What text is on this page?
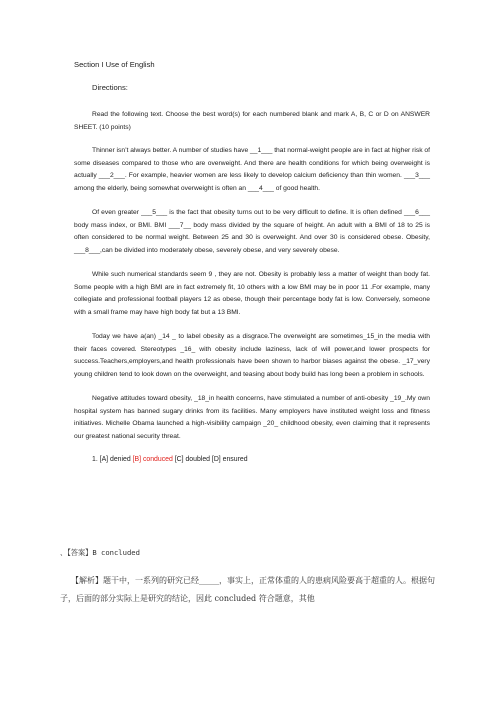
Section I Use of English
Directions:

Read the following text. Choose the best word(s) for each numbered blank and mark A, B, C or D on ANSWER SHEET. (10 points)

Thinner isn’t always better. A number of studies have __1___ that normal-weight people are in fact at higher risk of some diseases compared to those who are overweight. And there are health conditions for which being overweight is actually ___2___. For example, heavier women are less likely to develop calcium deficiency than thin women. ___3___ among the elderly, being somewhat overweight is often an ___4___ of good health.

Of even greater ___5___ is the fact that obesity turns out to be very difficult to define. It is often defined ___6___ body mass index, or BMI. BMI ___7__ body mass divided by the square of height. An adult with a BMI of 18 to 25 is often considered to be normal weight. Between 25 and 30 is overweight. And over 30 is considered obese. Obesity, ___8___,can be divided into moderately obese, severely obese, and very severely obese.

While such numerical standards seem 9 , they are not. Obesity is probably less a matter of weight than body fat. Some people with a high BMI are in fact extremely fit, 10 others with a low BMI may be in poor 11 .For example, many collegiate and professional football players 12 as obese, though their percentage body fat is low. Conversely, someone with a small frame may have high body fat but a 13 BMI.

Today we have a(an) _14 _ to label obesity as a disgrace.The overweight are sometimes_15_in the media with their faces covered. Stereotypes _16_ with obesity include laziness, lack of will power,and lower prospects for success.Teachers,employers,and health professionals have been shown to harbor biases against the obese. _17_very young children tend to look down on the overweight, and teasing about body build has long been a problem in schools.

Negative attitudes toward obesity, _18_in health concerns, have stimulated a number of anti-obesity _19_.My own hospital system has banned sugary drinks from its facilities. Many employers have instituted weight loss and fitness initiatives. Michelle Obama launched a high-visibility campaign _20_ childhood obesity, even claiming that it represents our greatest national security threat.

1. [A] denied [B] conduced [C] doubled [D] ensured
、【答案】B concluded
【解析】题干中，一系列的研究已经_____，事实上，正常体重的人的患病风险要高于超重的人。根据句子，后面的部分实际上是研究的结论，因此 concluded 符合题意，其他
